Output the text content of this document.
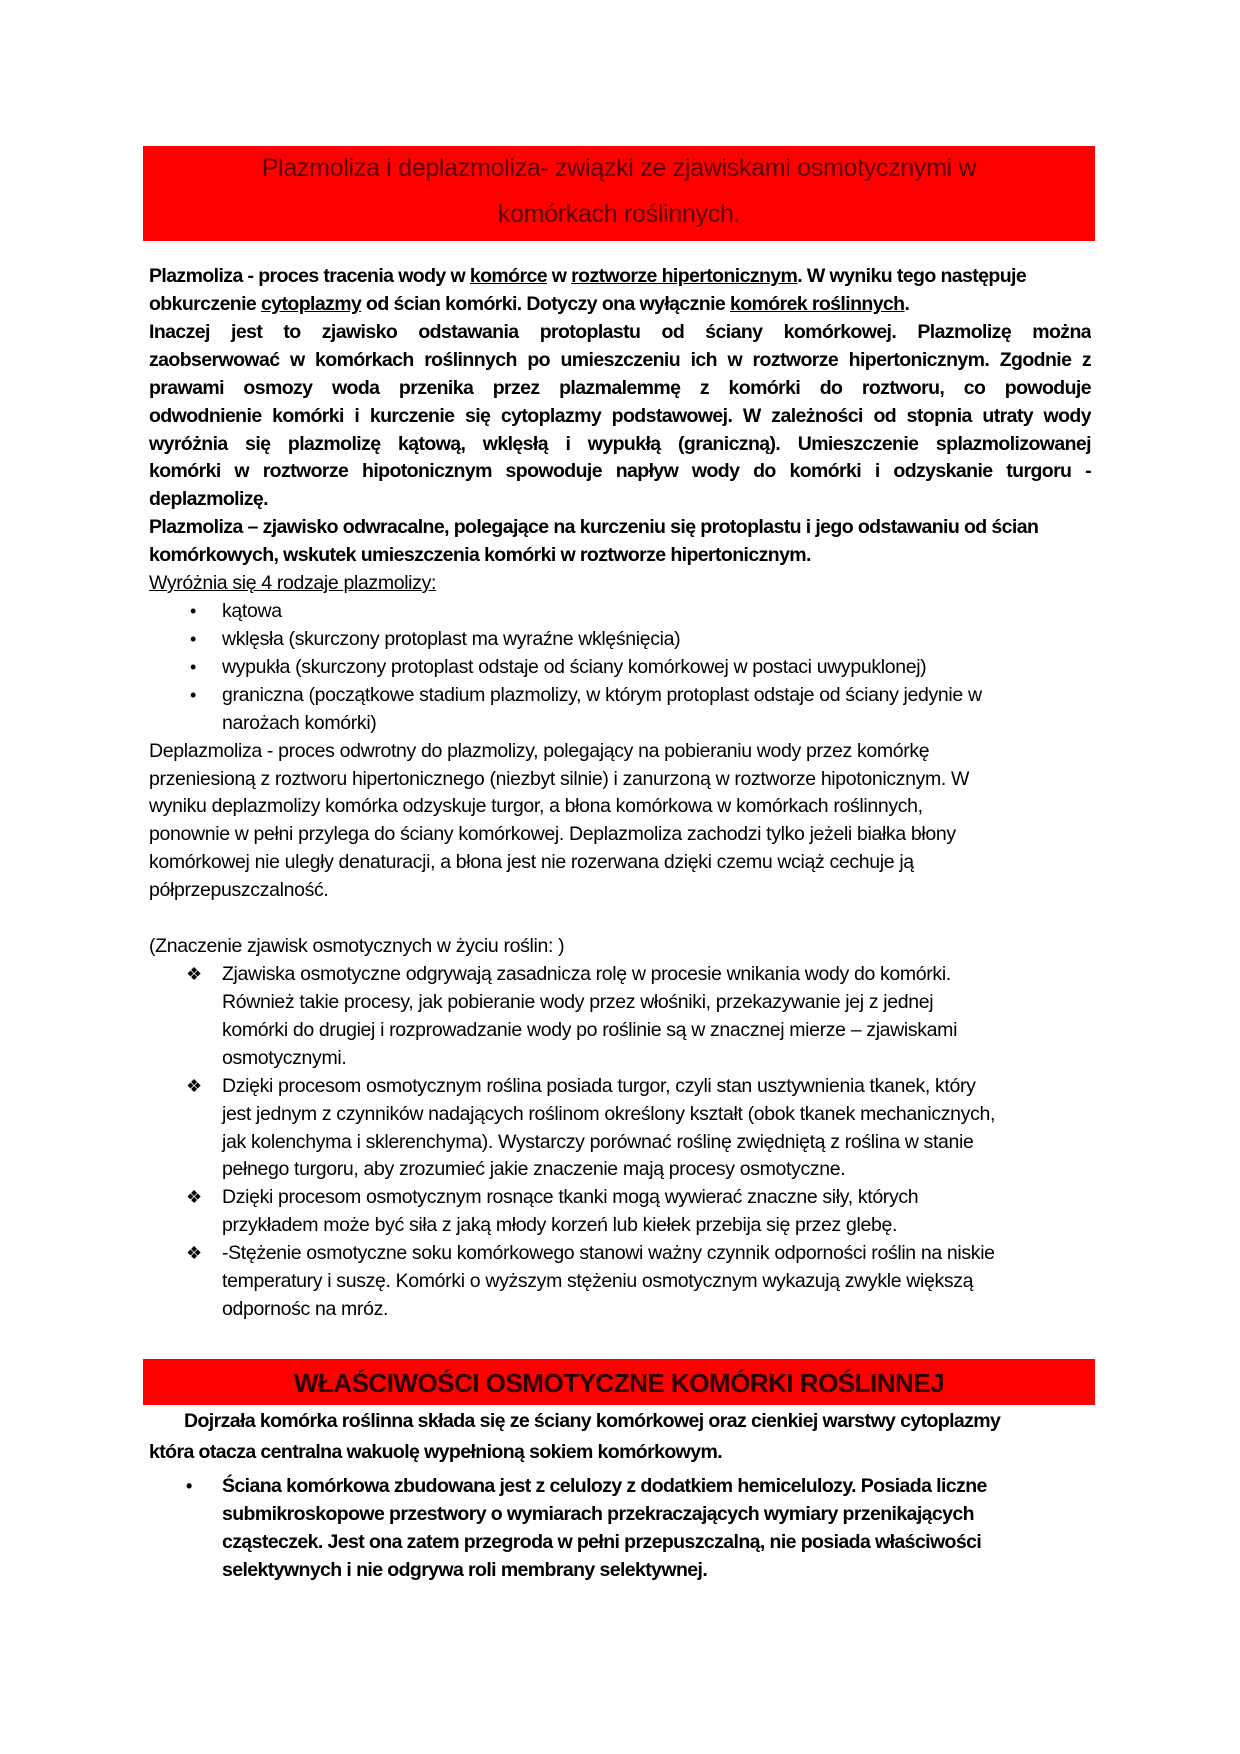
Plazmoliza i deplazmoliza- związki ze zjawiskami osmotycznymi w
komórkach roślinnych.
Plazmoliza - proces tracenia wody w komórce w roztworze hipertonicznym. W wyniku tego następuje
obkurczenie cytoplazmy od ścian komórki. Dotyczy ona wyłącznie komórek roślinnych.
Inaczej jest to zjawisko odstawania protoplastu od ściany komórkowej. Plazmolizę można
zaobserwować w komórkach roślinnych po umieszczeniu ich w roztworze hipertonicznym. Zgodnie z
prawami osmozy woda przenika przez plazmalemmę z komórki do roztworu, co powoduje
odwodnienie komórki i kurczenie się cytoplazmy podstawowej. W zależności od stopnia utraty wody
wyróżnia się plazmolizę kątową, wklęsłą i wypukłą (graniczną). Umieszczenie splazmolizowanej
komórki w roztworze hipotonicznym spowoduje napływ wody do komórki i odzyskanie turgoru -
deplazmolizę.
Plazmoliza – zjawisko odwracalne, polegające na kurczeniu się protoplastu i jego odstawaniu od ścian
komórkowych, wskutek umieszczenia komórki w roztworze hipertonicznym.
Wyróżnia się 4 rodzaje plazmolizy:
• kątowa
• wklęsła (skurczony protoplast ma wyraźne wklęśnięcia)
• wypukła (skurczony protoplast odstaje od ściany komórkowej w postaci uwypuklonej)
• graniczna (początkowe stadium plazmolizy, w którym protoplast odstaje od ściany jedynie w
narożach komórki)
Deplazmoliza - proces odwrotny do plazmolizy, polegający na pobieraniu wody przez komórkę
przeniesioną z roztworu hipertonicznego (niezbyt silnie) i zanurzoną w roztworze hipotonicznym. W
wyniku deplazmolizy komórka odzyskuje turgor, a błona komórkowa w komórkach roślinnych,
ponownie w pełni przylega do ściany komórkowej. Deplazmoliza zachodzi tylko jeżeli białka błony
komórkowej nie uległy denaturacji, a błona jest nie rozerwana dzięki czemu wciąż cechuje ją
półprzepuszczalność.
(Znaczenie zjawisk osmotycznych w życiu roślin: )
❖ Zjawiska osmotyczne odgrywają zasadnicza rolę w procesie wnikania wody do komórki.
Również takie procesy, jak pobieranie wody przez włośniki, przekazywanie jej z jednej
komórki do drugiej i rozprowadzanie wody po roślinie są w znacznej mierze – zjawiskami
osmotycznymi.
❖ Dzięki procesom osmotycznym roślina posiada turgor, czyli stan usztywnienia tkanek, który
jest jednym z czynników nadających roślinom określony kształt (obok tkanek mechanicznych,
jak kolenchyma i sklerenchyma). Wystarczy porównać roślinę zwiędniętą z roślina w stanie
pełnego turgoru, aby zrozumieć jakie znaczenie mają procesy osmotyczne.
❖ Dzięki procesom osmotycznym rosnące tkanki mogą wywierać znaczne siły, których
przykładem może być siła z jaką młody korzeń lub kiełek przebija się przez glebę.
❖ -Stężenie osmotyczne soku komórkowego stanowi ważny czynnik odporności roślin na niskie
temperatury i suszę. Komórki o wyższym stężeniu osmotycznym wykazują zwykle większą
odpornośc na mróz.
WŁAŚCIWOŚCI OSMOTYCZNE KOMÓRKI ROŚLINNEJ
Dojrzała komórka roślinna składa się ze ściany komórkowej oraz cienkiej warstwy cytoplazmy
która otacza centralna wakuolę wypełnioną sokiem komórkowym.
• Ściana komórkowa zbudowana jest z celulozy z dodatkiem hemicelulozy. Posiada liczne
submikroskopowe przestwory o wymiarach przekraczających wymiary przenikających
cząsteczek. Jest ona zatem przegroda w pełni przepuszczalną, nie posiada właściwości
selektywnych i nie odgrywa roli membrany selektywnej.
